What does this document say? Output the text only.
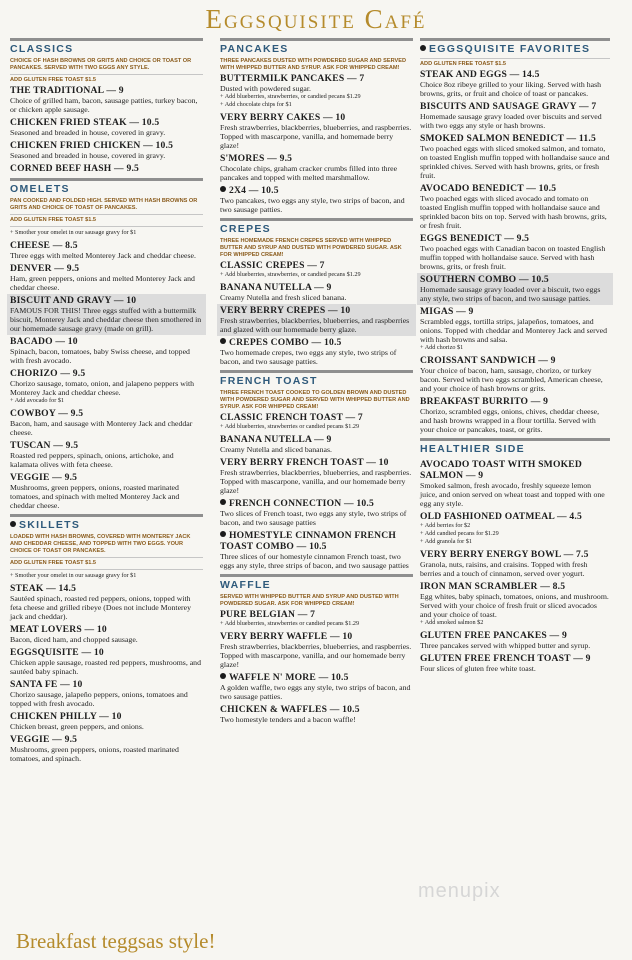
Eggsquisite Café
CLASSICS
CHOICE OF HASH BROWNS OR GRITS AND CHOICE OR TOAST OR PANCAKES. SERVED WITH TWO EGGS ANY STYLE.
ADD GLUTEN FREE TOAST $1.5
THE TRADITIONAL — 9
Choice of grilled ham, bacon, sausage patties, turkey bacon, or chicken apple sausage.
CHICKEN FRIED STEAK — 10.5
Seasoned and breaded in house, covered in gravy.
CHICKEN FRIED CHICKEN — 10.5
Seasoned and breaded in house, covered in gravy.
CORNED BEEF HASH — 9.5
OMELETS
PAN COOKED AND FOLDED HIGH. SERVED WITH HASH BROWNS OR GRITS AND CHOICE OF TOAST OF PANCAKES.
ADD GLUTEN FREE TOAST $1.5
+ Smother your omelet in our sausage gravy for $1
CHEESE — 8.5
Three eggs with melted Monterey Jack and cheddar cheese.
DENVER — 9.5
Ham, green peppers, onions and melted Monterey Jack and cheddar cheese.
BISCUIT AND GRAVY — 10
FAMOUS FOR THIS! Three eggs stuffed with a buttermilk biscuit, Monterey Jack and cheddar cheese then smothered in our homemade sausage gravy (made on grill).
BACADO — 10
Spinach, bacon, tomatoes, baby Swiss cheese, and topped with fresh avocado.
CHORIZO — 9.5
Chorizo sausage, tomato, onion, and jalapeno peppers with Monterey Jack and cheddar cheese.
+ Add avocado for $1
COWBOY — 9.5
Bacon, ham, and sausage with Monterey Jack and cheddar cheese.
TUSCAN — 9.5
Roasted red peppers, spinach, onions, artichoke, and kalamata olives with feta cheese.
VEGGIE — 9.5
Mushrooms, green peppers, onions, roasted marinated tomatoes, and spinach with melted Monterey Jack and cheddar cheese.
SKILLETS
LOADED WITH HASH BROWNS, COVERED WITH MONTEREY JACK AND CHEDDAR CHEESE, AND TOPPED WITH TWO EGGS. YOUR CHOICE OF TOAST OR PANCAKES.
ADD GLUTEN FREE TOAST $1.5
+ Smother your omelet in our sausage gravy for $1
STEAK — 14.5
Sautéed spinach, roasted red peppers, onions, topped with feta cheese and grilled ribeye (Does not include Monterey jack and cheddar).
MEAT LOVERS — 10
Bacon, diced ham, and chopped sausage.
EGGSQUISITE — 10
Chicken apple sausage, roasted red peppers, mushrooms, and sautéed baby spinach.
SANTA FE — 10
Chorizo sausage, jalapeño peppers, onions, tomatoes and topped with fresh avocado.
CHICKEN PHILLY — 10
Chicken breast, green peppers, and onions.
VEGGIE — 9.5
Mushrooms, green peppers, onions, roasted marinated tomatoes, and spinach.
PANCAKES
THREE PANCAKES DUSTED WITH POWDERED SUGAR AND SERVED WITH WHIPPED BUTTER AND SYRUP. ASK FOR WHIPPED CREAM!
BUTTERMILK PANCAKES — 7
Dusted with powdered sugar.
+ Add blueberries, strawberries, or candied pecans $1.29
+ Add chocolate chips for $1
VERY BERRY CAKES — 10
Fresh strawberries, blackberries, blueberries, and raspberries. Topped with mascarpone, vanilla, and homemade berry glaze!
S'MORES — 9.5
Chocolate chips, graham cracker crumbs filled into three pancakes and topped with melted marshmallow.
2X4 — 10.5
Two pancakes, two eggs any style, two strips of bacon, and two sausage patties.
CREPES
THREE HOMEMADE FRENCH CREPES SERVED WITH WHIPPED BUTTER AND SYRUP AND DUSTED WITH POWDERED SUGAR. ASK FOR WHIPPED CREAM!
CLASSIC CREPES — 7
+ Add blueberries, strawberries, or candied pecans $1.29
BANANA NUTELLA — 9
Creamy Nutella and fresh sliced banana.
VERY BERRY CREPES — 10
Fresh strawberries, blackberries, blueberries, and raspberries and glazed with our homemade berry glaze.
CREPES COMBO — 10.5
Two homemade crepes, two eggs any style, two strips of bacon, and two sausage patties.
FRENCH TOAST
THREE FRENCH TOAST COOKED TO GOLDEN BROWN AND DUSTED WITH POWDERED SUGAR AND SERVED WITH WHIPPED BUTTER AND SYRUP. ASK FOR WHIPPED CREAM!
CLASSIC FRENCH TOAST — 7
+ Add blueberries, strawberries or candied pecans $1.29
BANANA NUTELLA — 9
Creamy Nutella and sliced bananas.
VERY BERRY FRENCH TOAST — 10
Fresh strawberries, blackberries, blueberries, and raspberries. Topped with mascarpone, vanilla, and our homemade berry glaze!
FRENCH CONNECTION — 10.5
Two slices of French toast, two eggs any style, two strips of bacon, and two sausage patties
HOMESTYLE CINNAMON FRENCH TOAST COMBO — 10.5
Three slices of our homestyle cinnamon French toast, two eggs any style, three strips of bacon, and two sausage patties
WAFFLE
SERVED WITH WHIPPED BUTTER AND SYRUP AND DUSTED WITH POWDERED SUGAR. ASK FOR WHIPPED CREAM!
PURE BELGIAN — 7
+ Add blueberries, strawberries or candied pecans $1.29
VERY BERRY WAFFLE — 10
Fresh strawberries, blackberries, blueberries, and raspberries. Topped with mascarpone, vanilla, and our homemade berry glaze!
WAFFLE N' MORE — 10.5
A golden waffle, two eggs any style, two strips of bacon, and two sausage patties.
CHICKEN & WAFFLES — 10.5
Two homestyle tenders and a bacon waffle!
EGGSQUISITE FAVORITES
ADD GLUTEN FREE TOAST $1.5
STEAK AND EGGS — 14.5
Choice 8oz ribeye grilled to your liking. Served with hash browns, grits, or fruit and choice of toast or pancakes.
BISCUITS AND SAUSAGE GRAVY — 7
Homemade sausage gravy loaded over biscuits and served with two eggs any style or hash browns.
SMOKED SALMON BENEDICT — 11.5
Two poached eggs with sliced smoked salmon, and tomato, on toasted English muffin topped with hollandaise sauce and sprinkled chives. Served with hash browns, grits, or fresh fruit.
AVOCADO BENEDICT — 10.5
Two poached eggs with sliced avocado and tomato on toasted English muffin topped with hollandaise sauce and sprinkled bacon bits on top. Served with hash browns, grits, or fresh fruit.
EGGS BENEDICT — 9.5
Two poached eggs with Canadian bacon on toasted English muffin topped with hollandaise sauce. Served with hash browns, grits, or fresh fruit.
SOUTHERN COMBO — 10.5
Homemade sausage gravy loaded over a biscuit, two eggs any style, two strips of bacon, and two sausage patties.
MIGAS — 9
Scrambled eggs, tortilla strips, jalapeños, tomatoes, and onions. Topped with cheddar and Monterey Jack and served with hash browns and salsa.
+ Add chorizo $1
CROISSANT SANDWICH — 9
Your choice of bacon, ham, sausage, chorizo, or turkey bacon. Served with two eggs scrambled, American cheese, and your choice of hash browns or grits.
BREAKFAST BURRITO — 9
Chorizo, scrambled eggs, onions, chives, cheddar cheese, and hash browns wrapped in a flour tortilla. Served with your choice or pancakes, toast, or grits.
HEALTHIER SIDE
AVOCADO TOAST WITH SMOKED SALMON — 9
Smoked salmon, fresh avocado, freshly squeeze lemon juice, and onion served on wheat toast and topped with one egg any style.
OLD FASHIONED OATMEAL — 4.5
+ Add berries for $2
+ Add candied pecans for $1.29
+ Add granola for $1
VERY BERRY ENERGY BOWL — 7.5
Granola, nuts, raisins, and craisins. Topped with fresh berries and a touch of cinnamon, served over yogurt.
IRON MAN SCRAMBLER — 8.5
Egg whites, baby spinach, tomatoes, onions, and mushroom. Served with your choice of fresh fruit or sliced avocados and your choice of toast.
+ Add smoked salmon $2
GLUTEN FREE PANCAKES — 9
Three pancakes served with whipped butter and syrup.
GLUTEN FREE FRENCH TOAST — 9
Four slices of gluten free white toast.
menupix
Breakfast teggsas style!
